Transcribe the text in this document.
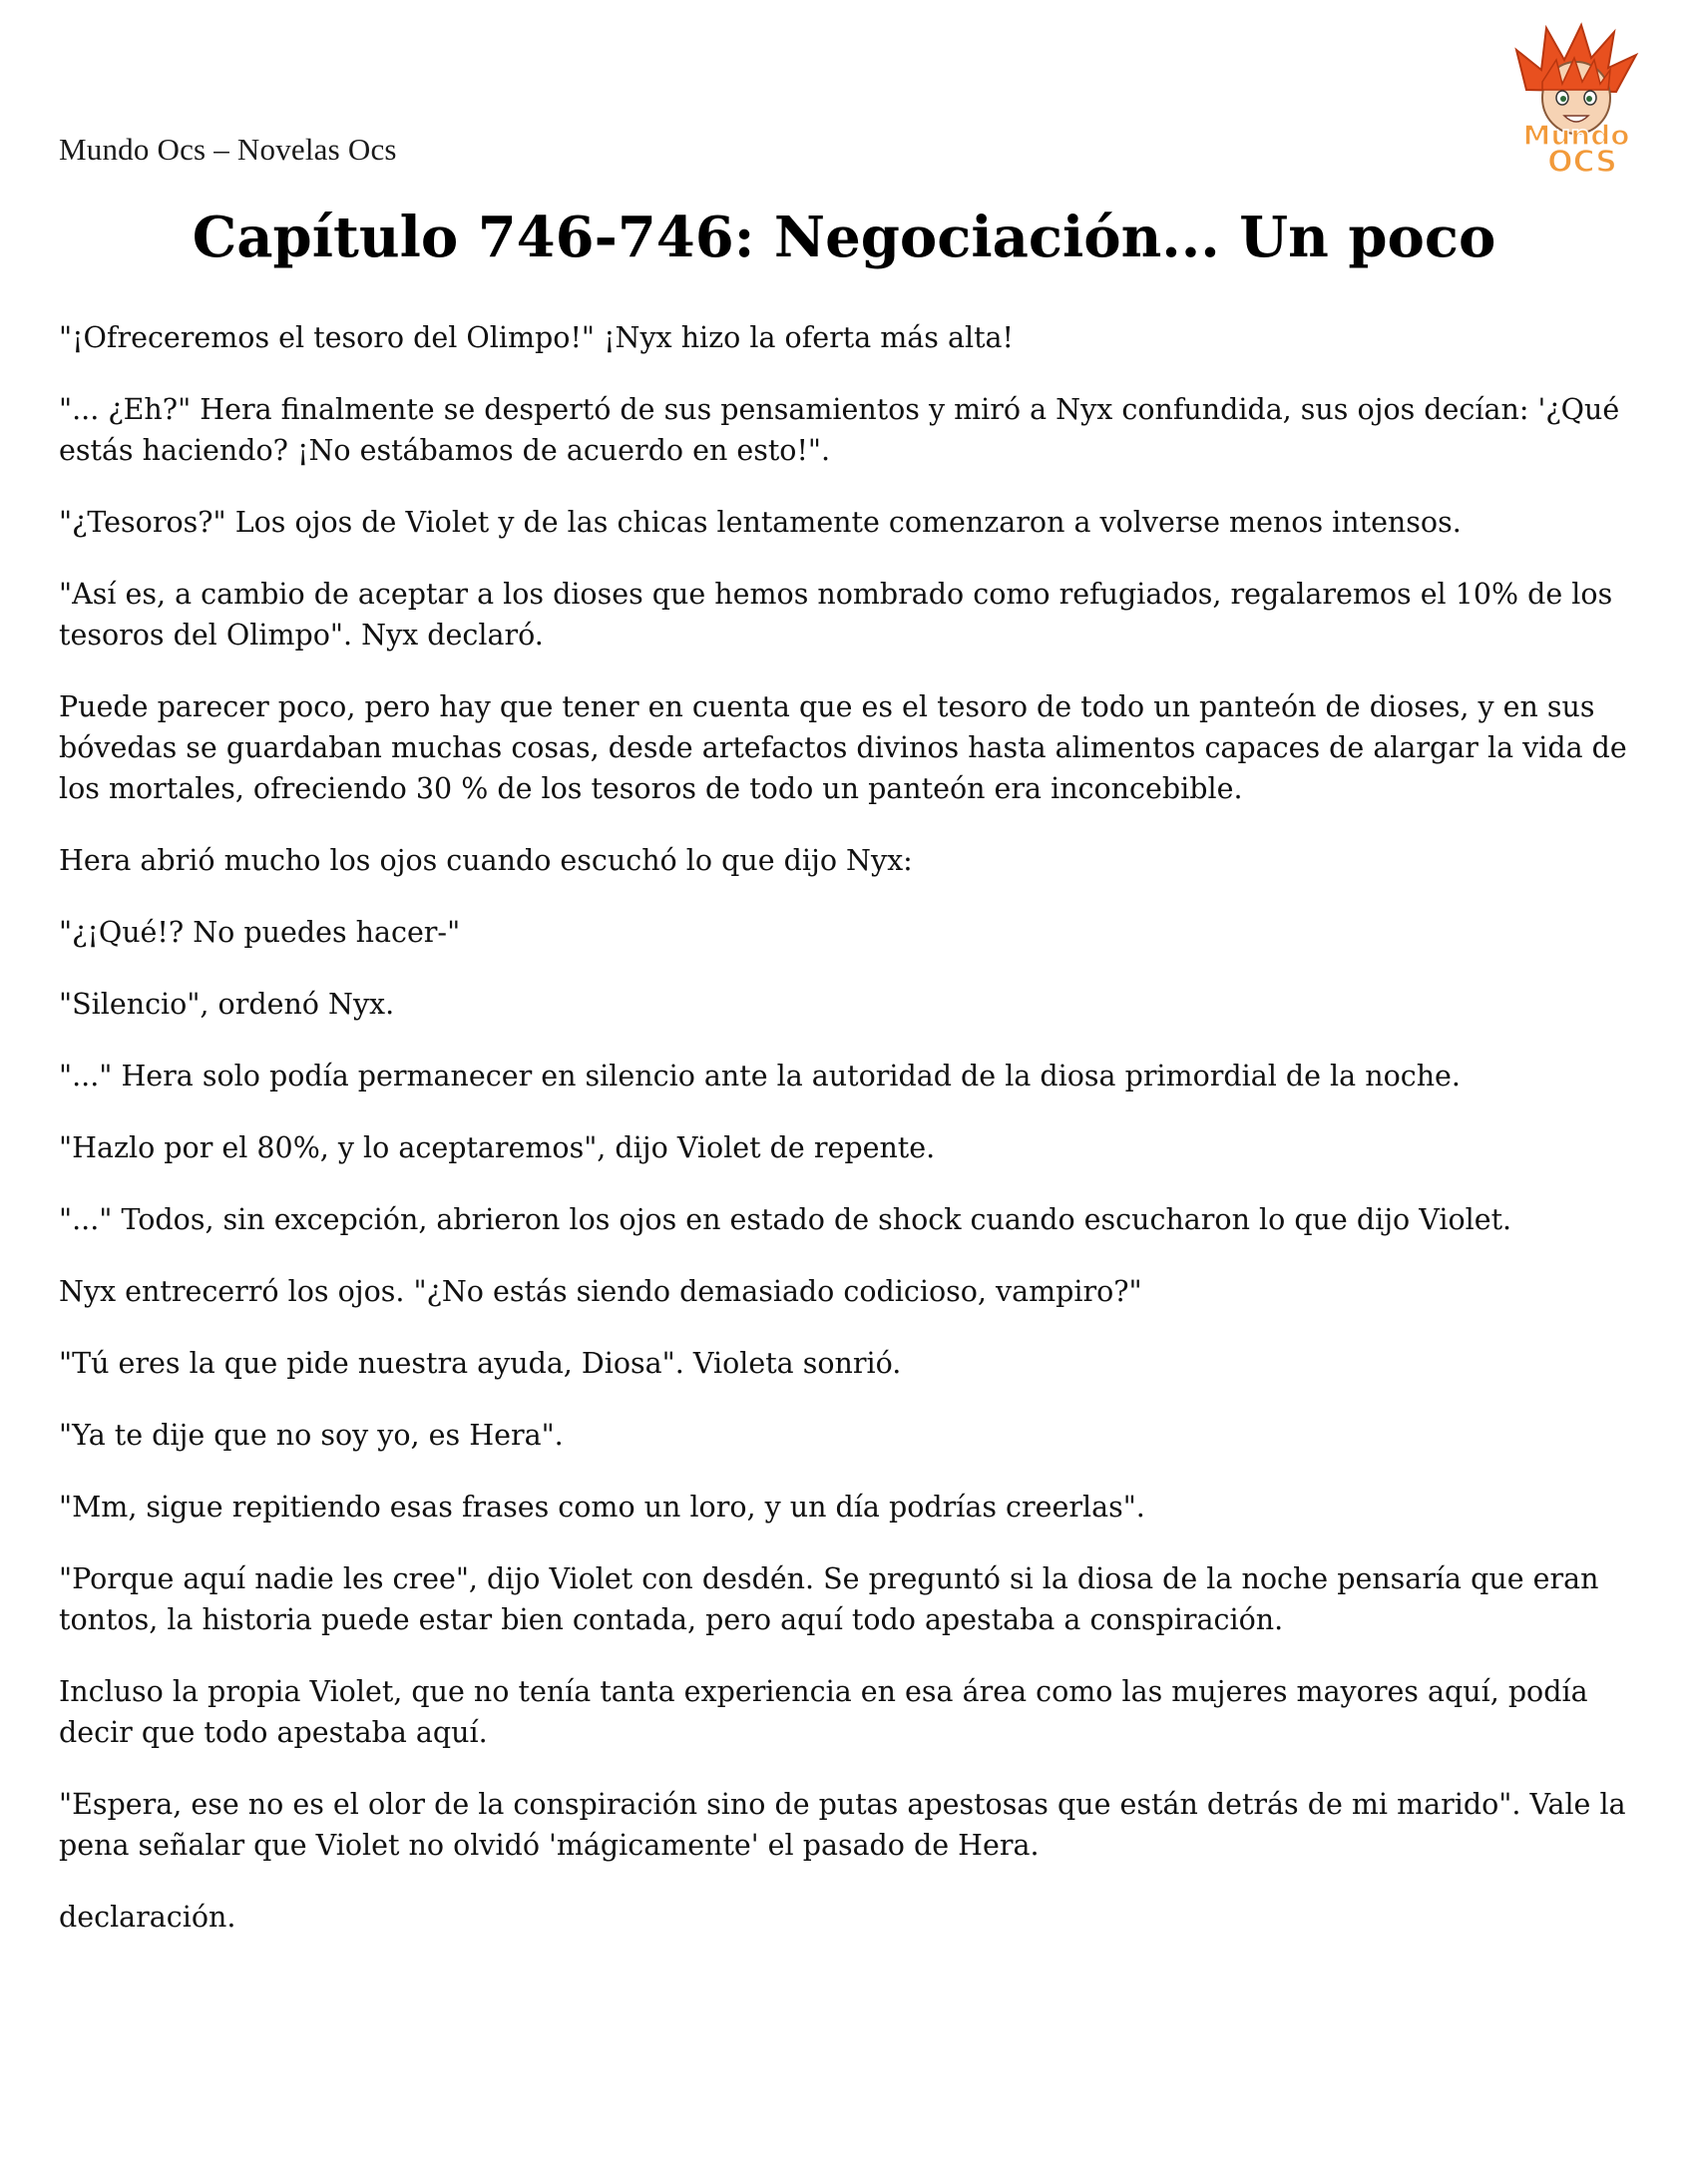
Mundo Ocs – Novelas Ocs	Mundo
OCS
Capítulo 746-746: Negociación... Un poco

"¡Ofreceremos el tesoro del Olimpo!" ¡Nyx hizo la oferta más alta!

"... ¿Eh?" Hera finalmente se despertó de sus pensamientos y miró a Nyx confundida, sus ojos decían: '¿Qué estás haciendo? ¡No estábamos de acuerdo en esto!".

"¿Tesoros?" Los ojos de Violet y de las chicas lentamente comenzaron a volverse menos intensos.

"Así es, a cambio de aceptar a los dioses que hemos nombrado como refugiados, regalaremos el 10% de los tesoros del Olimpo". Nyx declaró.

Puede parecer poco, pero hay que tener en cuenta que es el tesoro de todo un panteón de dioses, y en sus bóvedas se guardaban muchas cosas, desde artefactos divinos hasta alimentos capaces de alargar la vida de los mortales, ofreciendo 30 % de los tesoros de todo un panteón era inconcebible.

Hera abrió mucho los ojos cuando escuchó lo que dijo Nyx:

"¿¡Qué!? No puedes hacer-"

"Silencio", ordenó Nyx.

"..." Hera solo podía permanecer en silencio ante la autoridad de la diosa primordial de la noche.

"Hazlo por el 80%, y lo aceptaremos", dijo Violet de repente.

"..." Todos, sin excepción, abrieron los ojos en estado de shock cuando escucharon lo que dijo Violet.

Nyx entrecerró los ojos. "¿No estás siendo demasiado codicioso, vampiro?"

"Tú eres la que pide nuestra ayuda, Diosa". Violeta sonrió.

"Ya te dije que no soy yo, es Hera".

"Mm, sigue repitiendo esas frases como un loro, y un día podrías creerlas".

"Porque aquí nadie les cree", dijo Violet con desdén. Se preguntó si la diosa de la noche pensaría que eran tontos, la historia puede estar bien contada, pero aquí todo apestaba a conspiración.

Incluso la propia Violet, que no tenía tanta experiencia en esa área como las mujeres mayores aquí, podía decir que todo apestaba aquí.

"Espera, ese no es el olor de la conspiración sino de putas apestosas que están detrás de mi marido". Vale la pena señalar que Violet no olvidó 'mágicamente' el pasado de Hera.

declaración.
